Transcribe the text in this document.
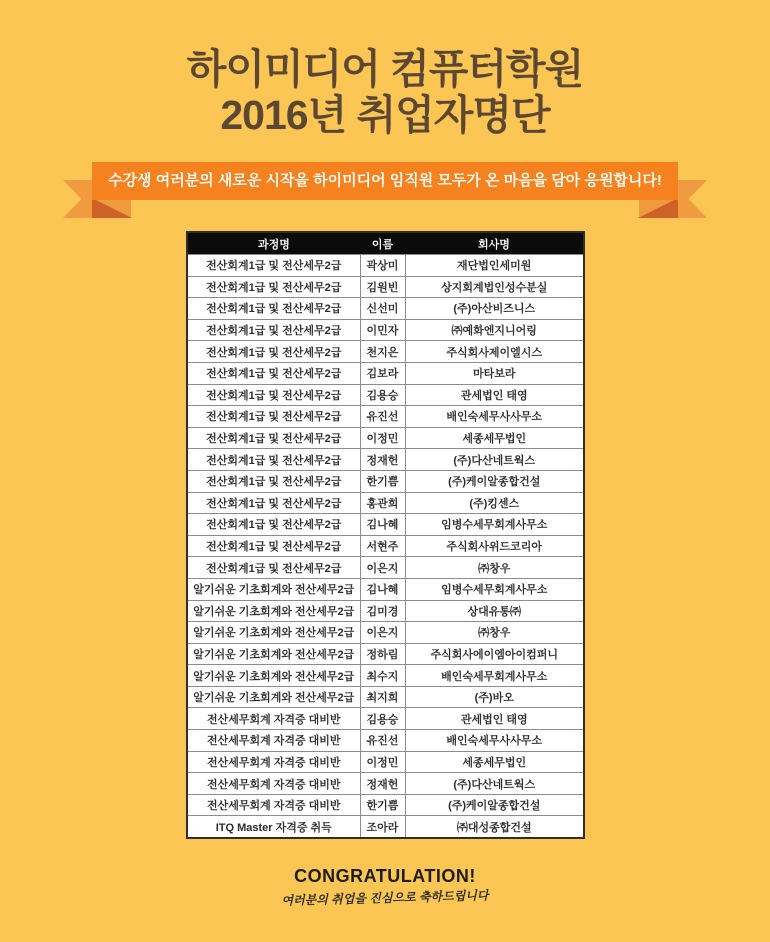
하이미디어 컴퓨터학원
2016년 취업자명단
수강생 여러분의 새로운 시작을 하이미디어 임직원 모두가 온 마음을 담아 응원합니다!
과정명	이름	회사명
전산회계1급 및 전산세무2급	곽상미	재단법인세미원
전산회계1급 및 전산세무2급	김원빈	상지회계법인성수분실
전산회계1급 및 전산세무2급	신선미	(주)아산비즈니스
전산회계1급 및 전산세무2급	이민자	㈜예화엔지니어링
전산회계1급 및 전산세무2급	천지은	주식회사제이엘시스
전산회계1급 및 전산세무2급	김보라	마타보라
전산회계1급 및 전산세무2급	김용승	관세법인 태영
전산회계1급 및 전산세무2급	유진선	배인숙세무사사무소
전산회계1급 및 전산세무2급	이정민	세종세무법인
전산회계1급 및 전산세무2급	정재헌	(주)다산네트웍스
전산회계1급 및 전산세무2급	한기쁨	(주)케이알종합건설
전산회계1급 및 전산세무2급	홍관희	(주)킹센스
전산회계1급 및 전산세무2급	김나혜	임병수세무회계사무소
전산회계1급 및 전산세무2급	서현주	주식회사위드코리아
전산회계1급 및 전산세무2급	이은지	㈜창우
알기쉬운 기초회계와 전산세무2급	김나혜	임병수세무회계사무소
알기쉬운 기초회계와 전산세무2급	김미경	상대유통㈜
알기쉬운 기초회계와 전산세무2급	이은지	㈜창우
알기쉬운 기초회계와 전산세무2급	정하림	주식회사에이엠아이컴퍼니
알기쉬운 기초회계와 전산세무2급	최수지	배인숙세무회계사무소
알기쉬운 기초회계와 전산세무2급	최지희	(주)바오
전산세무회계 자격증 대비반	김용승	관세법인 태영
전산세무회계 자격증 대비반	유진선	배인숙세무사사무소
전산세무회계 자격증 대비반	이정민	세종세무법인
전산세무회계 자격증 대비반	정재헌	(주)다산네트웍스
전산세무회계 자격증 대비반	한기쁨	(주)케이알종합건설
ITQ Master 자격증 취득	조아라	㈜대성종합건설
CONGRATULATION!
여러분의 취업을 진심으로 축하드립니다
